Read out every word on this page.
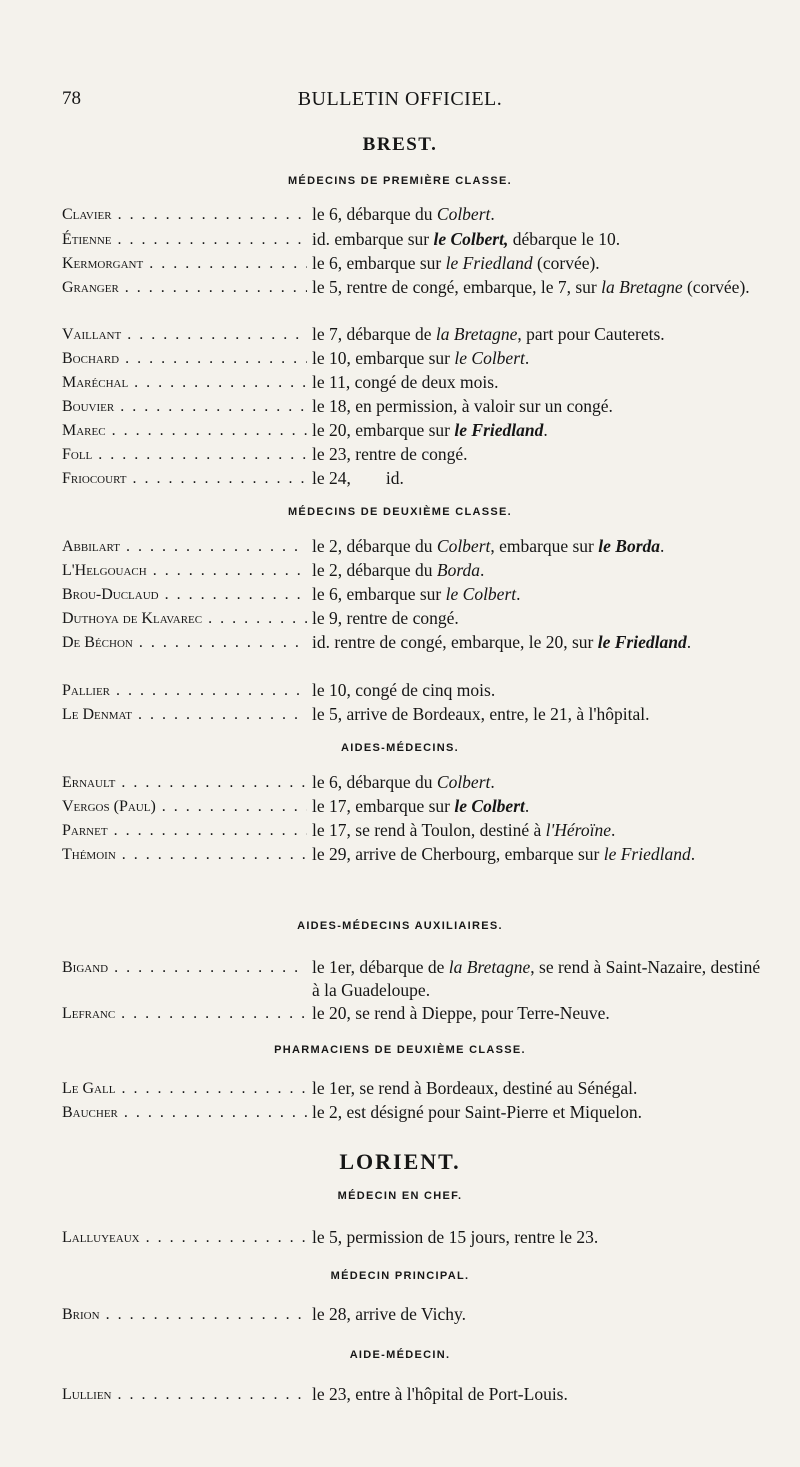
78	BULLETIN OFFICIEL.
BREST.
MÉDECINS DE PREMIÈRE CLASSE.
Clavier . . .	le 6, débarque du Colbert.
Étienne . . .	id. embarque sur le Colbert, débarque le 10.
Kermorgant . . .	le 6, embarque sur le Friedland (corvée).
Granger . . .	le 5, rentre de congé, embarque, le 7, sur la Bretagne (corvée).
Vaillant . . .	le 7, débarque de la Bretagne, part pour Cauterets.
Bochard . . .	le 10, embarque sur le Colbert.
Maréchal . . .	le 11, congé de deux mois.
Bouvier . . .	le 18, en permission, à valoir sur un congé.
Marec . . .	le 20, embarque sur le Friedland.
Foll . . .	le 23, rentre de congé.
Friocourt . . .	le 24,        id.
MÉDECINS DE DEUXIÈME CLASSE.
Abbilart . . .	le 2, débarque du Colbert, embarque sur le Borda.
L'Helgouach . . .	le 2, débarque du Borda.
Brou-Duclaud . . .	le 6, embarque sur le Colbert.
Duthoya de Klavarec . . .	le 9, rentre de congé.
De Béchon . . .	id. rentre de congé, embarque, le 20, sur le Friedland.
Pallier . . .	le 10, congé de cinq mois.
Le Denmat . . .	le 5, arrive de Bordeaux, entre, le 21, à l'hôpital.
AIDES-MÉDECINS.
Ernault . . .	le 6, débarque du Colbert.
Vergos (Paul) . . .	le 17, embarque sur le Colbert.
Parnet . . .	le 17, se rend à Toulon, destiné à l'Héroïne.
Thémoin . . .	le 29, arrive de Cherbourg, embarque sur le Friedland.
AIDES-MÉDECINS AUXILIAIRES.
Bigand . . .	le 1er, débarque de la Bretagne, se rend à Saint-Nazaire, destiné à la Guadeloupe.
Lefranc . . .	le 20, se rend à Dieppe, pour Terre-Neuve.
PHARMACIENS DE DEUXIÈME CLASSE.
Le Gall . . .	le 1er, se rend à Bordeaux, destiné au Sénégal.
Baucher . . .	le 2, est désigné pour Saint-Pierre et Miquelon.
LORIENT.
MÉDECIN EN CHEF.
Lalluyeaux . . .	le 5, permission de 15 jours, rentre le 23.
MÉDECIN PRINCIPAL.
Brion . . .	le 28, arrive de Vichy.
AIDE-MÉDECIN.
Lullien . . .	le 23, entre à l'hôpital de Port-Louis.
